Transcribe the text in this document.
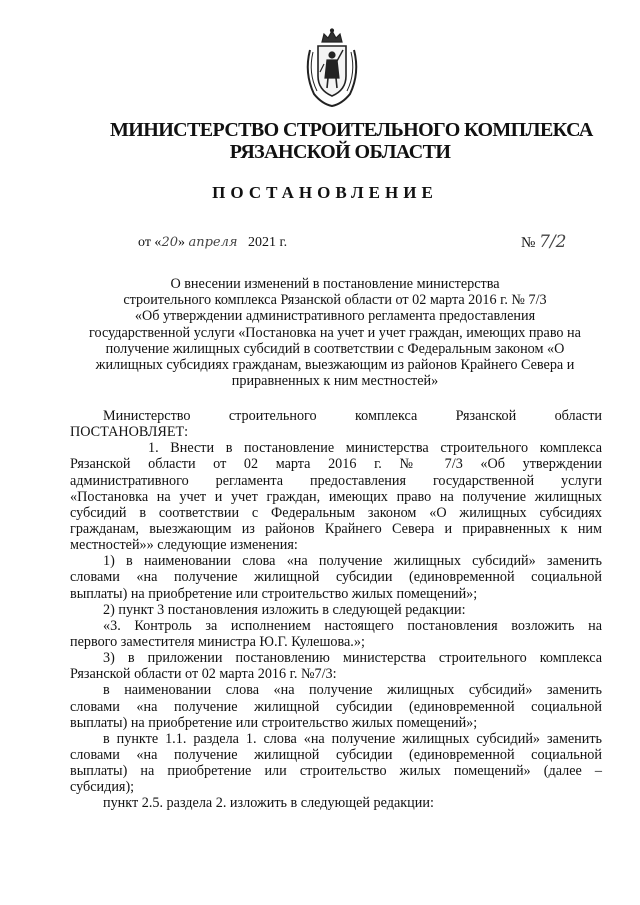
МИНИСТЕРСТВО СТРОИТЕЛЬНОГО КОМПЛЕКСА
РЯЗАНСКОЙ ОБЛАСТИ
ПОСТАНОВЛЕНИЕ
от «20» апреля 2021 г.	№ 7/2
О внесении изменений в постановление министерства
строительного комплекса Рязанской области от 02 марта 2016 г. № 7/3
«Об утверждении административного регламента предоставления
государственной услуги «Постановка на учет и учет граждан, имеющих право на
получение жилищных субсидий в соответствии с Федеральным законом «О
жилищных субсидиях гражданам, выезжающим из районов Крайнего Севера и
приравненных к ним местностей»
Министерство строительного комплекса Рязанской области
ПОСТАНОВЛЯЕТ:
1. Внести в постановление министерства строительного комплекса
Рязанской области от 02 марта 2016 г. № 7/3 «Об утверждении
административного регламента предоставления государственной услуги
«Постановка на учет и учет граждан, имеющих право на получение жилищных
субсидий в соответствии с Федеральным законом «О жилищных субсидиях
гражданам, выезжающим из районов Крайнего Севера и приравненных к ним
местностей»» следующие изменения:
1) в наименовании слова «на получение жилищных субсидий» заменить
словами «на получение жилищной субсидии (единовременной социальной
выплаты) на приобретение или строительство жилых помещений»;
2) пункт 3 постановления изложить в следующей редакции:
«3. Контроль за исполнением настоящего постановления возложить на
первого заместителя министра Ю.Г. Кулешова.»;
3) в приложении постановлению министерства строительного комплекса
Рязанской области от 02 марта 2016 г. №7/3:
в наименовании слова «на получение жилищных субсидий» заменить
словами «на получение жилищной субсидии (единовременной социальной
выплаты) на приобретение или строительство жилых помещений»;
в пункте 1.1. раздела 1. слова «на получение жилищных субсидий» заменить
словами «на получение жилищной субсидии (единовременной социальной
выплаты) на приобретение или строительство жилых помещений» (далее –
субсидия);
пункт 2.5. раздела 2. изложить в следующей редакции:
